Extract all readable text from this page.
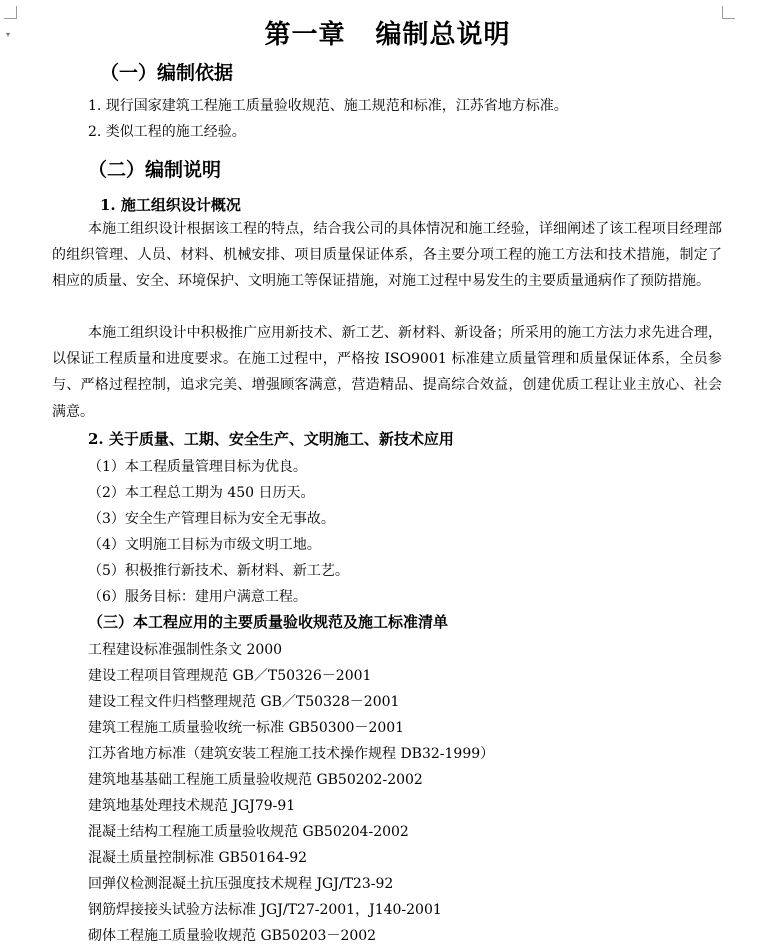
▾	第一章 编制总说明
（一）编制依据
1. 现行国家建筑工程施工质量验收规范、施工规范和标准，江苏省地方标准。
2. 类似工程的施工经验。
（二）编制说明
1. 施工组织设计概况
本施工组织设计根据该工程的特点，结合我公司的具体情况和施工经验，详细阐述了该工程项目经理部的组织管理、人员、材料、机械安排、项目质量保证体系，各主要分项工程的施工方法和技术措施，制定了相应的质量、安全、环境保护、文明施工等保证措施，对施工过程中易发生的主要质量通病作了预防措施。
本施工组织设计中积极推广应用新技术、新工艺、新材料、新设备；所采用的施工方法力求先进合理，以保证工程质量和进度要求。在施工过程中，严格按 ISO9001 标准建立质量管理和质量保证体系，全员参与、严格过程控制，追求完美、增强顾客满意，营造精品、提高综合效益，创建优质工程让业主放心、社会满意。
2. 关于质量、工期、安全生产、文明施工、新技术应用
（1）本工程质量管理目标为优良。
（2）本工程总工期为 450 日历天。
（3）安全生产管理目标为安全无事故。
（4）文明施工目标为市级文明工地。
（5）积极推行新技术、新材料、新工艺。
（6）服务目标：建用户满意工程。
（三）本工程应用的主要质量验收规范及施工标准清单
工程建设标准强制性条文 2000
建设工程项目管理规范 GB／T50326－2001
建设工程文件归档整理规范 GB／T50328－2001
建筑工程施工质量验收统一标准 GB50300－2001
江苏省地方标准（建筑安装工程施工技术操作规程 DB32-1999）
建筑地基基础工程施工质量验收规范 GB50202-2002
建筑地基处理技术规范 JGJ79-91
混凝土结构工程施工质量验收规范 GB50204-2002
混凝土质量控制标准 GB50164-92
回弹仪检测混凝土抗压强度技术规程 JGJ/T23-92
钢筋焊接接头试验方法标准 JGJ/T27-2001，J140-2001
砌体工程施工质量验收规范 GB50203－2002
